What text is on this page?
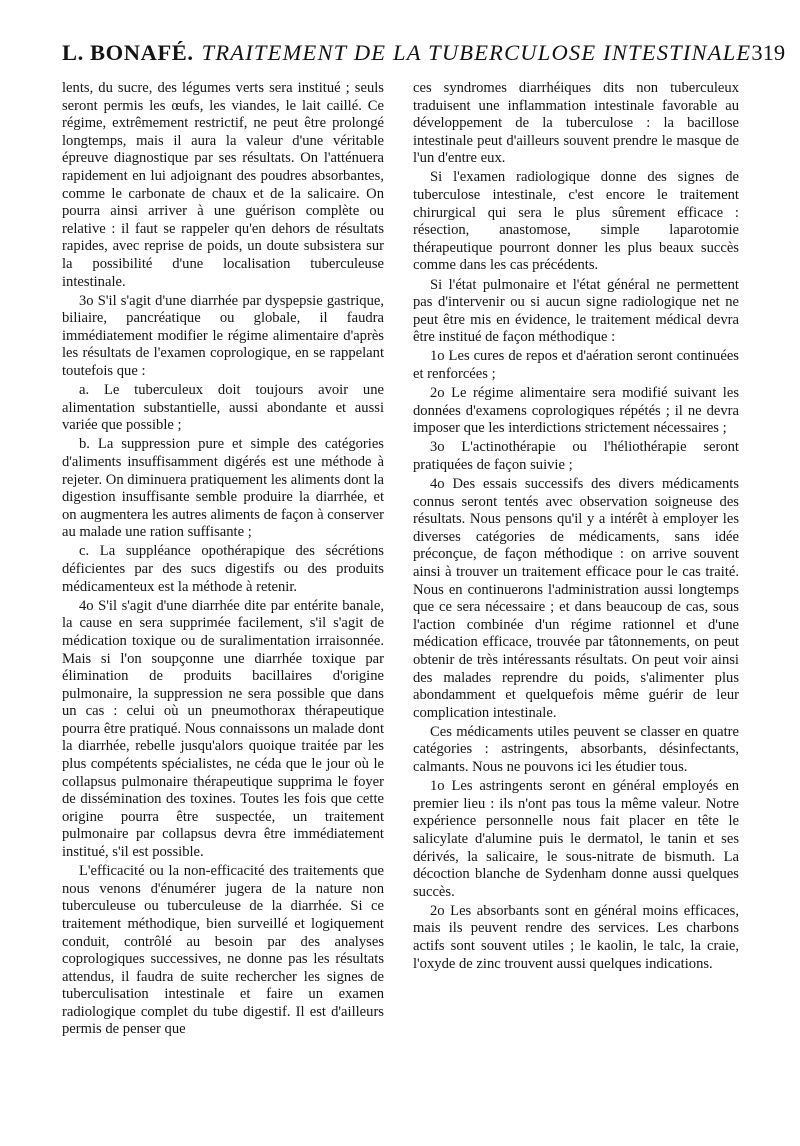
L. BONAFÉ. TRAITEMENT DE LA TUBERCULOSE INTESTINALE 319

lents, du sucre, des légumes verts sera institué ; seuls seront permis les œufs, les viandes, le lait caillé. Ce régime, extrêmement restrictif, ne peut être prolongé longtemps, mais il aura la valeur d'une véritable épreuve diagnostique par ses résultats. On l'atténuera rapidement en lui adjoignant des poudres absorbantes, comme le carbonate de chaux et de la salicaire. On pourra ainsi arriver à une guérison complète ou relative : il faut se rappeler qu'en dehors de résultats rapides, avec reprise de poids, un doute subsistera sur la possibilité d'une localisation tuberculeuse intestinale.

3o S'il s'agit d'une diarrhée par dyspepsie gastrique, biliaire, pancréatique ou globale, il faudra immédiatement modifier le régime alimentaire d'après les résultats de l'examen coprologique, en se rappelant toutefois que :

a. Le tuberculeux doit toujours avoir une alimentation substantielle, aussi abondante et aussi variée que possible ;

b. La suppression pure et simple des catégories d'aliments insuffisamment digérés est une méthode à rejeter. On diminuera pratiquement les aliments dont la digestion insuffisante semble produire la diarrhée, et on augmentera les autres aliments de façon à conserver au malade une ration suffisante ;

c. La suppléance opothérapique des sécrétions déficientes par des sucs digestifs ou des produits médicamenteux est la méthode à retenir.

4o S'il s'agit d'une diarrhée dite par entérite banale, la cause en sera supprimée facilement, s'il s'agit de médication toxique ou de suralimentation irraisonnée. Mais si l'on soupçonne une diarrhée toxique par élimination de produits bacillaires d'origine pulmonaire, la suppression ne sera possible que dans un cas : celui où un pneumothorax thérapeutique pourra être pratiqué. Nous connaissons un malade dont la diarrhée, rebelle jusqu'alors quoique traitée par les plus compétents spécialistes, ne céda que le jour où le collapsus pulmonaire thérapeutique supprima le foyer de dissémination des toxines. Toutes les fois que cette origine pourra être suspectée, un traitement pulmonaire par collapsus devra être immédiatement institué, s'il est possible.

L'efficacité ou la non-efficacité des traitements que nous venons d'énumérer jugera de la nature non tuberculeuse ou tuberculeuse de la diarrhée. Si ce traitement méthodique, bien surveillé et logiquement conduit, contrôlé au besoin par des analyses coprologiques successives, ne donne pas les résultats attendus, il faudra de suite rechercher les signes de tuberculisation intestinale et faire un examen radiologique complet du tube digestif. Il est d'ailleurs permis de penser que

ces syndromes diarrhéiques dits non tuberculeux traduisent une inflammation intestinale favorable au développement de la tuberculose : la bacillose intestinale peut d'ailleurs souvent prendre le masque de l'un d'entre eux.

Si l'examen radiologique donne des signes de tuberculose intestinale, c'est encore le traitement chirurgical qui sera le plus sûrement efficace : résection, anastomose, simple laparotomie thérapeutique pourront donner les plus beaux succès comme dans les cas précédents.

Si l'état pulmonaire et l'état général ne permettent pas d'intervenir ou si aucun signe radiologique net ne peut être mis en évidence, le traitement médical devra être institué de façon méthodique :

1o Les cures de repos et d'aération seront continuées et renforcées ;

2o Le régime alimentaire sera modifié suivant les données d'examens coprologiques répétés ; il ne devra imposer que les interdictions strictement nécessaires ;

3o L'actinothérapie ou l'héliothérapie seront pratiquées de façon suivie ;

4o Des essais successifs des divers médicaments connus seront tentés avec observation soigneuse des résultats. Nous pensons qu'il y a intérêt à employer les diverses catégories de médicaments, sans idée préconçue, de façon méthodique : on arrive souvent ainsi à trouver un traitement efficace pour le cas traité. Nous en continuerons l'administration aussi longtemps que ce sera nécessaire ; et dans beaucoup de cas, sous l'action combinée d'un régime rationnel et d'une médication efficace, trouvée par tâtonnements, on peut obtenir de très intéressants résultats. On peut voir ainsi des malades reprendre du poids, s'alimenter plus abondamment et quelquefois même guérir de leur complication intestinale.

Ces médicaments utiles peuvent se classer en quatre catégories : astringents, absorbants, désinfectants, calmants. Nous ne pouvons ici les étudier tous.

1o Les astringents seront en général employés en premier lieu : ils n'ont pas tous la même valeur. Notre expérience personnelle nous fait placer en tête le salicylate d'alumine puis le dermatol, le tanin et ses dérivés, la salicaire, le sous-nitrate de bismuth. La décoction blanche de Sydenham donne aussi quelques succès.

2o Les absorbants sont en général moins efficaces, mais ils peuvent rendre des services. Les charbons actifs sont souvent utiles ; le kaolin, le talc, la craie, l'oxyde de zinc trouvent aussi quelques indications.
